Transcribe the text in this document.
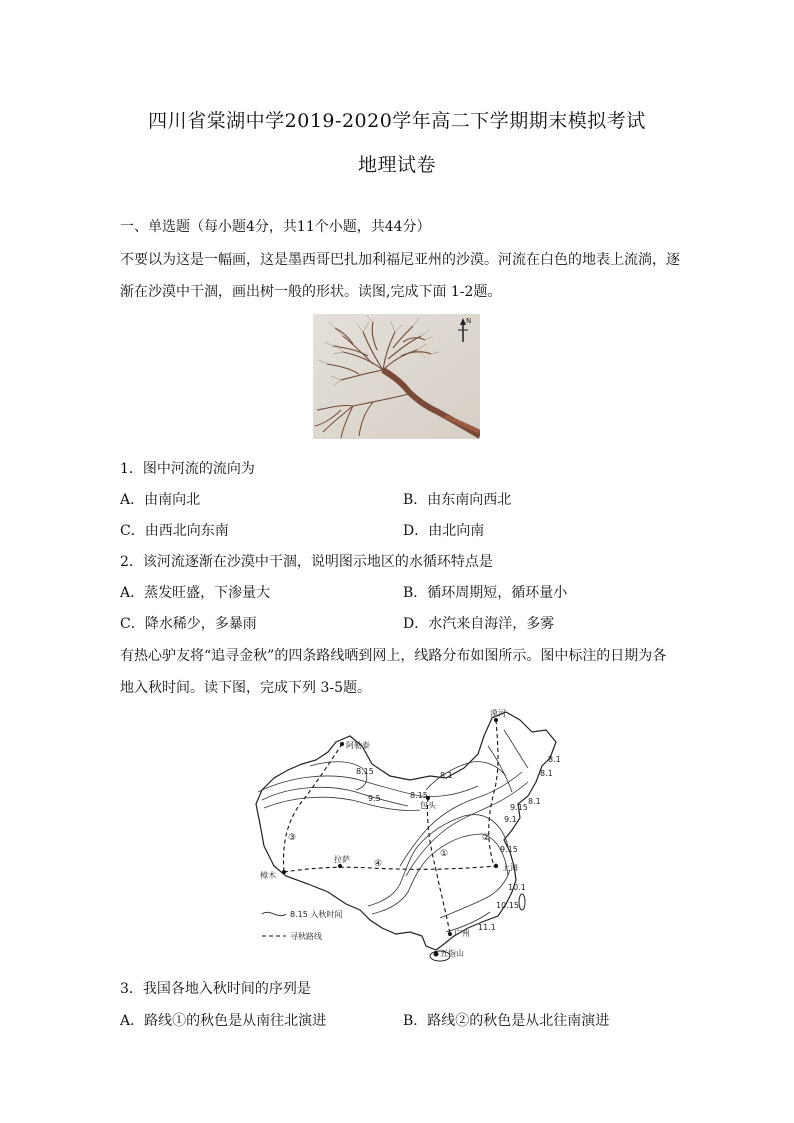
四川省棠湖中学2019-2020学年高二下学期期末模拟考试
地理试卷
一、单选题（每小题4分，共11个小题，共44分）
不要以为这是一幅画，这是墨西哥巴扎加利福尼亚州的沙漠。河流在白色的地表上流淌，逐
渐在沙漠中干涸，画出树一般的形状。读图,完成下面 1-2题。
N
1．图中河流的流向为
A．由南向北	B．由东南向西北
C．由西北向东南	D．由北向南
2．该河流逐渐在沙漠中干涸，说明图示地区的水循环特点是
A．蒸发旺盛，下渗量大	B．循环周期短，循环量小
C．降水稀少，多暴雨	D．水汽来自海洋，多雾
有热心驴友将“追寻金秋”的四条路线晒到网上，线路分布如图所示。图中标注的日期为各
地入秋时间。读下图，完成下列 3-5题。
漠河
阿勒泰
包头
拉萨
上海
樟木
广州
五指山
8.15
9.5	8.15
8.1
8.1
8.1
8.1
9.15
9.1
9.15
10.1
10.15
11.1
①
②
③
④
8.15 入秋时间
寻秋路线
3．我国各地入秋时间的序列是
A．路线①的秋色是从南往北演进	B．路线②的秋色是从北往南演进
